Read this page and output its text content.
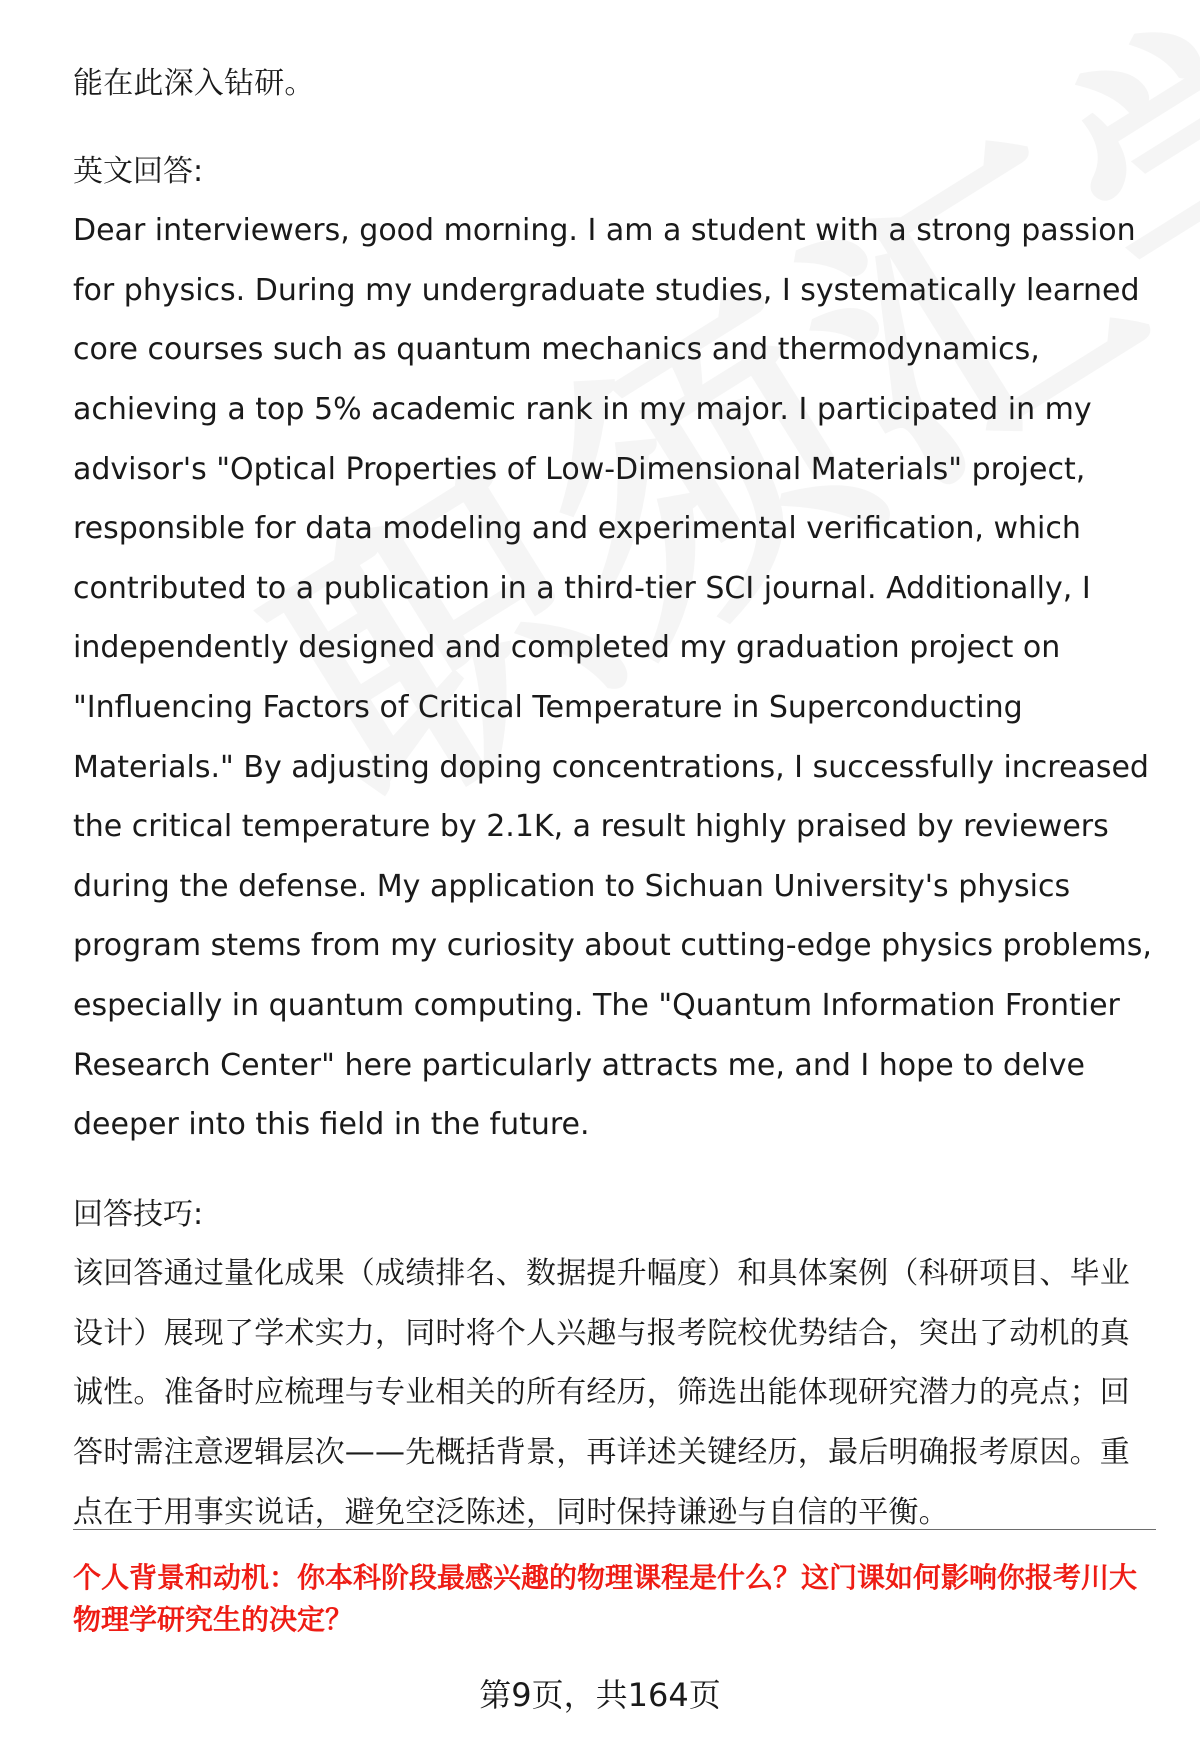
能在此深入钻研。

英文回答:

Dear interviewers, good morning. I am a student with a strong passion for physics. During my undergraduate studies, I systematically learned core courses such as quantum mechanics and thermodynamics, achieving a top 5% academic rank in my major. I participated in my advisor's "Optical Properties of Low-Dimensional Materials" project, responsible for data modeling and experimental verification, which contributed to a publication in a third-tier SCI journal. Additionally, I independently designed and completed my graduation project on "Influencing Factors of Critical Temperature in Superconducting Materials." By adjusting doping concentrations, I successfully increased the critical temperature by 2.1K, a result highly praised by reviewers during the defense. My application to Sichuan University's physics program stems from my curiosity about cutting-edge physics problems, especially in quantum computing. The "Quantum Information Frontier Research Center" here particularly attracts me, and I hope to delve deeper into this field in the future.

回答技巧:

该回答通过量化成果（成绩排名、数据提升幅度）和具体案例（科研项目、毕业设计）展现了学术实力，同时将个人兴趣与报考院校优势结合，突出了动机的真诚性。准备时应梳理与专业相关的所有经历，筛选出能体现研究潜力的亮点；回答时需注意逻辑层次——先概括背景，再详述关键经历，最后明确报考原因。重点在于用事实说话，避免空泛陈述，同时保持谦逊与自信的平衡。

个人背景和动机：你本科阶段最感兴趣的物理课程是什么？这门课如何影响你报考川大物理学研究生的决定？

第9页，共164页
